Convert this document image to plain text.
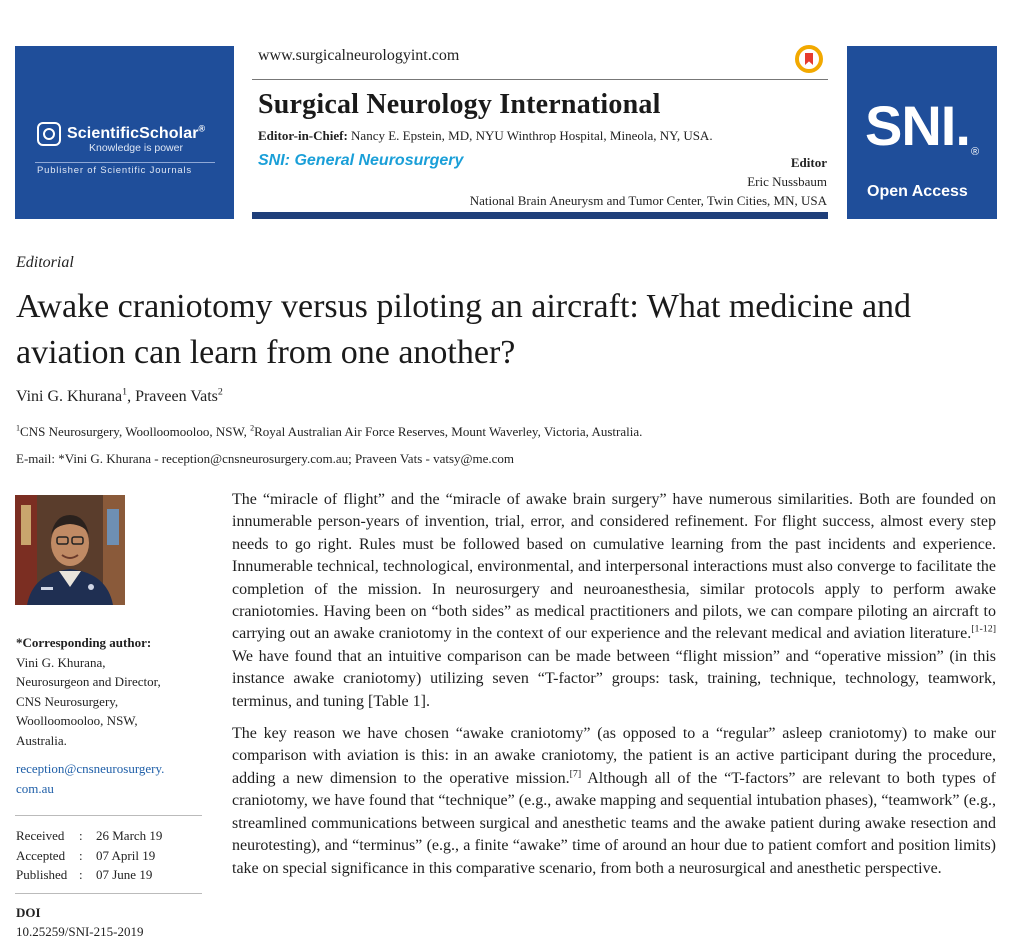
ScientificScholar®
Knowledge is power
Publisher of Scientific Journals
www.surgicalneurologyint.com
Surgical Neurology International
Editor-in-Chief: Nancy E. Epstein, MD, NYU Winthrop Hospital, Mineola, NY, USA.
SNI: General Neurosurgery	Editor
Eric Nussbaum
National Brain Aneurysm and Tumor Center, Twin Cities, MN, USA
SNI. ®
Open Access
Editorial
Awake craniotomy versus piloting an aircraft: What medicine and aviation can learn from one another?
Vini G. Khurana$^1$, Praveen Vats$^2$
$^1$CNS Neurosurgery, Woolloomooloo, NSW, $^2$Royal Australian Air Force Reserves, Mount Waverley, Victoria, Australia.
E-mail: *Vini G. Khurana - reception@cnsneurosurgery.com.au; Praveen Vats - vatsy@me.com
*Corresponding author:
Vini G. Khurana,
Neurosurgeon and Director,
CNS Neurosurgery,
Woolloomooloo, NSW,
Australia.
reception@cnsneurosurgery.
com.au
Received	:	26 March 19
Accepted	:	07 April 19
Published	:	07 June 19
DOI
10.25259/SNI-215-2019

The “miracle of flight” and the “miracle of awake brain surgery” have numerous similarities. Both are founded on innumerable person-years of invention, trial, error, and considered refinement. For flight success, almost every step needs to go right. Rules must be followed based on cumulative learning from the past incidents and experience. Innumerable technical, technological, environmental, and interpersonal interactions must also converge to facilitate the completion of the mission. In neurosurgery and neuroanesthesia, similar protocols apply to perform awake craniotomies. Having been on “both sides” as medical practitioners and pilots, we can compare piloting an aircraft to carrying out an awake craniotomy in the context of our experience and the relevant medical and aviation literature.[1-12] We have found that an intuitive comparison can be made between “flight mission” and “operative mission” (in this instance awake craniotomy) utilizing seven “T-factor” groups: task, training, technique, technology, teamwork, terminus, and tuning [Table 1].

The key reason we have chosen “awake craniotomy” (as opposed to a “regular” asleep craniotomy) to make our comparison with aviation is this: in an awake craniotomy, the patient is an active participant during the procedure, adding a new dimension to the operative mission.[7] Although all of the “T-factors” are relevant to both types of craniotomy, we have found that “technique” (e.g., awake mapping and sequential intubation phases), “teamwork” (e.g., streamlined communications between surgical and anesthetic teams and the awake patient during awake resection and neurotesting), and “terminus” (e.g., a finite “awake” time of around an hour due to patient comfort and position limits) take on special significance in this comparative scenario, from both a neurosurgical and anesthetic perspective.
